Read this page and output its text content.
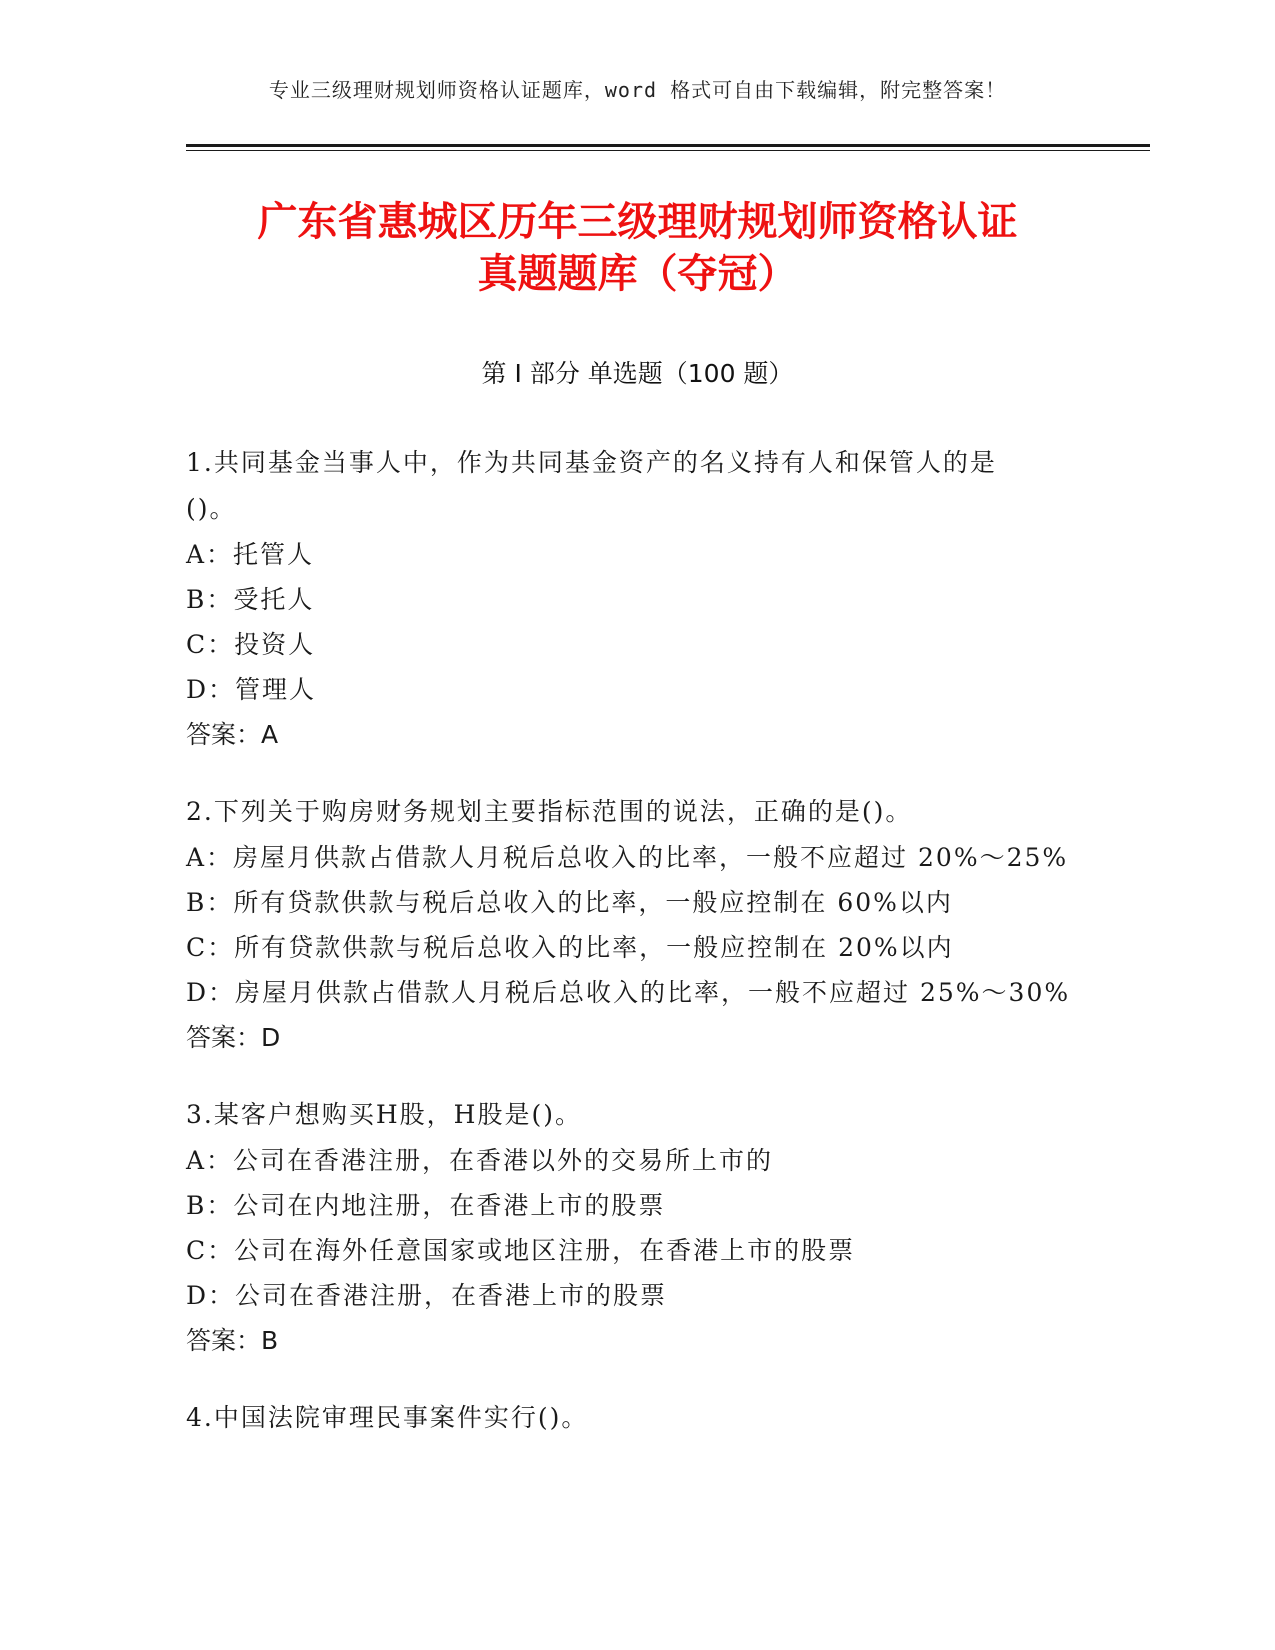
专业三级理财规划师资格认证题库，word 格式可自由下载编辑，附完整答案！
广东省惠城区历年三级理财规划师资格认证
真题题库（夺冠）
第 I 部分 单选题（100 题）
1.共同基金当事人中，作为共同基金资产的名义持有人和保管人的是
()。
A：托管人
B：受托人
C：投资人
D：管理人
答案：A
2.下列关于购房财务规划主要指标范围的说法，正确的是()。
A：房屋月供款占借款人月税后总收入的比率，一般不应超过 20%～25%
B：所有贷款供款与税后总收入的比率，一般应控制在 60%以内
C：所有贷款供款与税后总收入的比率，一般应控制在 20%以内
D：房屋月供款占借款人月税后总收入的比率，一般不应超过 25%～30%
答案：D
3.某客户想购买H股，H股是()。
A：公司在香港注册，在香港以外的交易所上市的
B：公司在内地注册，在香港上市的股票
C：公司在海外任意国家或地区注册，在香港上市的股票
D：公司在香港注册，在香港上市的股票
答案：B
4.中国法院审理民事案件实行()。
